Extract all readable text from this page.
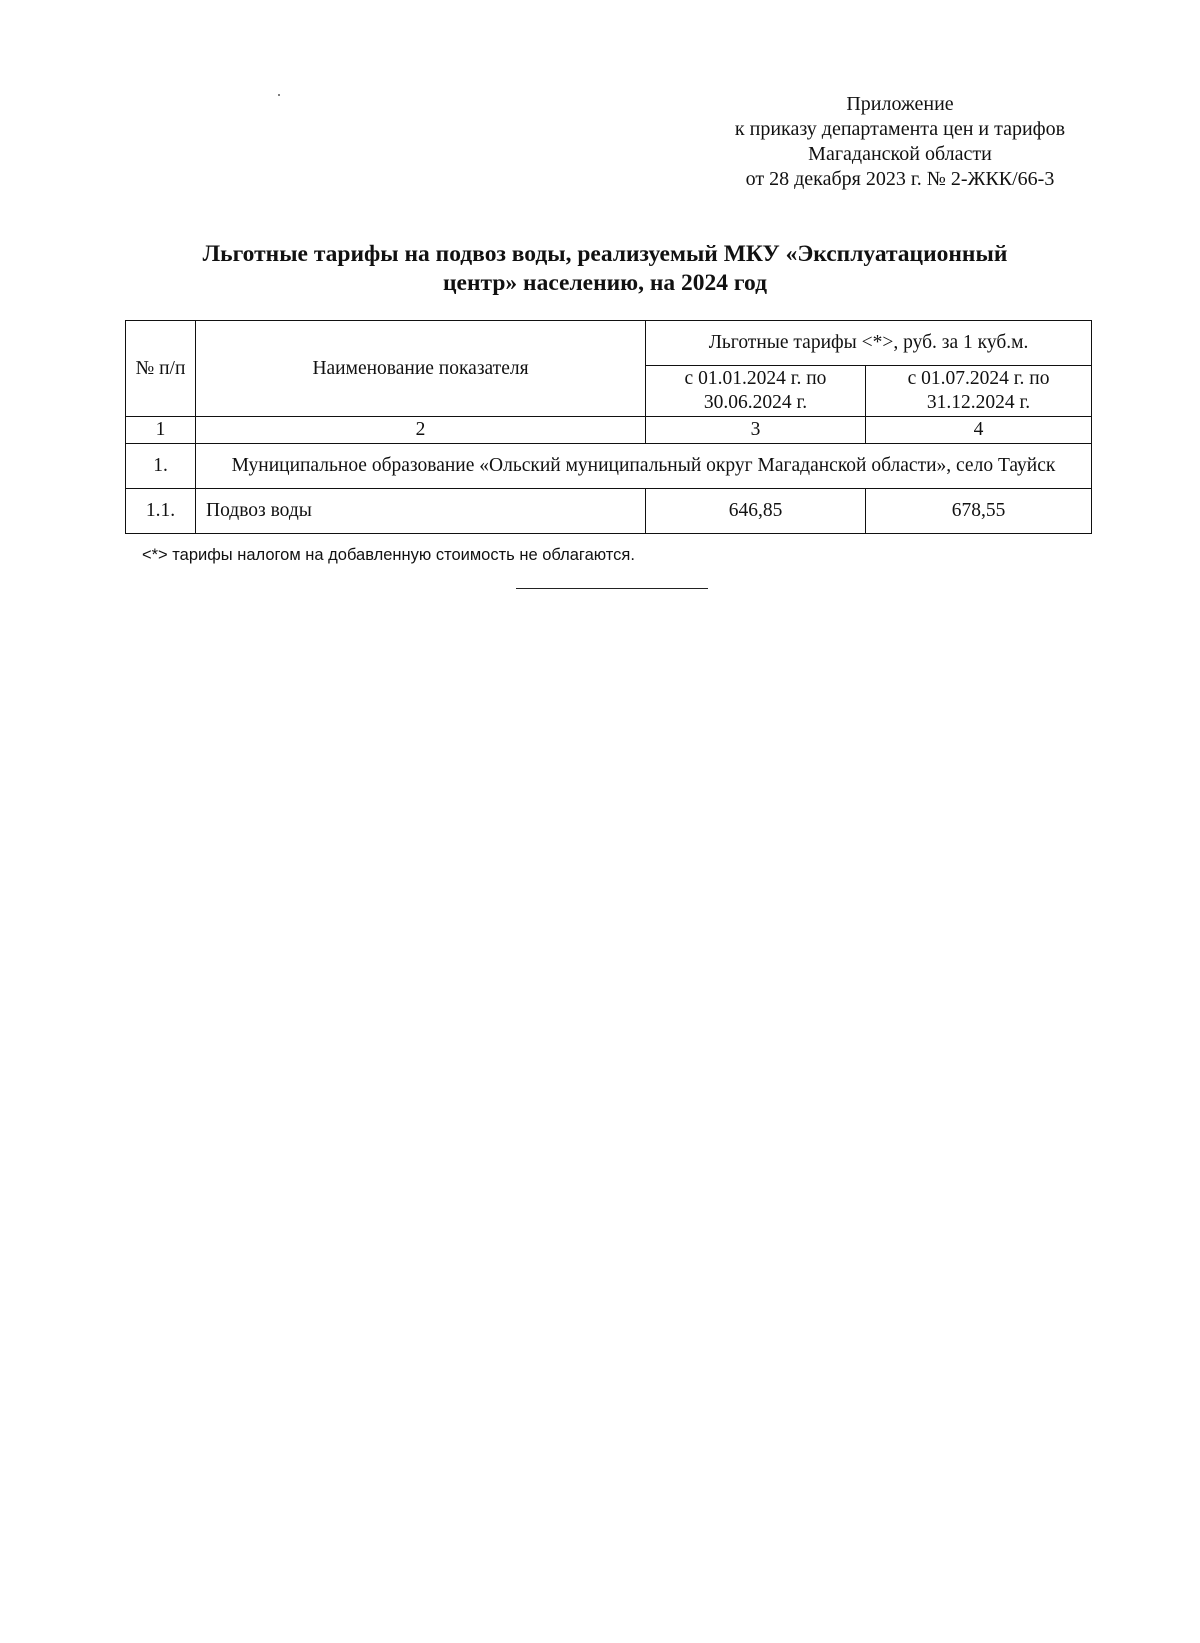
Приложение
к приказу департамента цен и тарифов
Магаданской области
от 28 декабря 2023 г. № 2-ЖКК/66-3
Льготные тарифы на подвоз воды, реализуемый МКУ «Эксплуатационный
центр» населению, на 2024 год
№ п/п	Наименование показателя	Льготные тарифы <*>, руб. за 1 куб.м.	
		с 01.01.2024 г. по 30.06.2024 г.	с 01.07.2024 г. по 31.12.2024 г.
1	2	3	4
1.	Муниципальное образование «Ольский муниципальный округ Магаданской области», село Тауйск		
1.1.	Подвоз воды	646,85	678,55
<*> тарифы налогом на добавленную стоимость не облагаются.
